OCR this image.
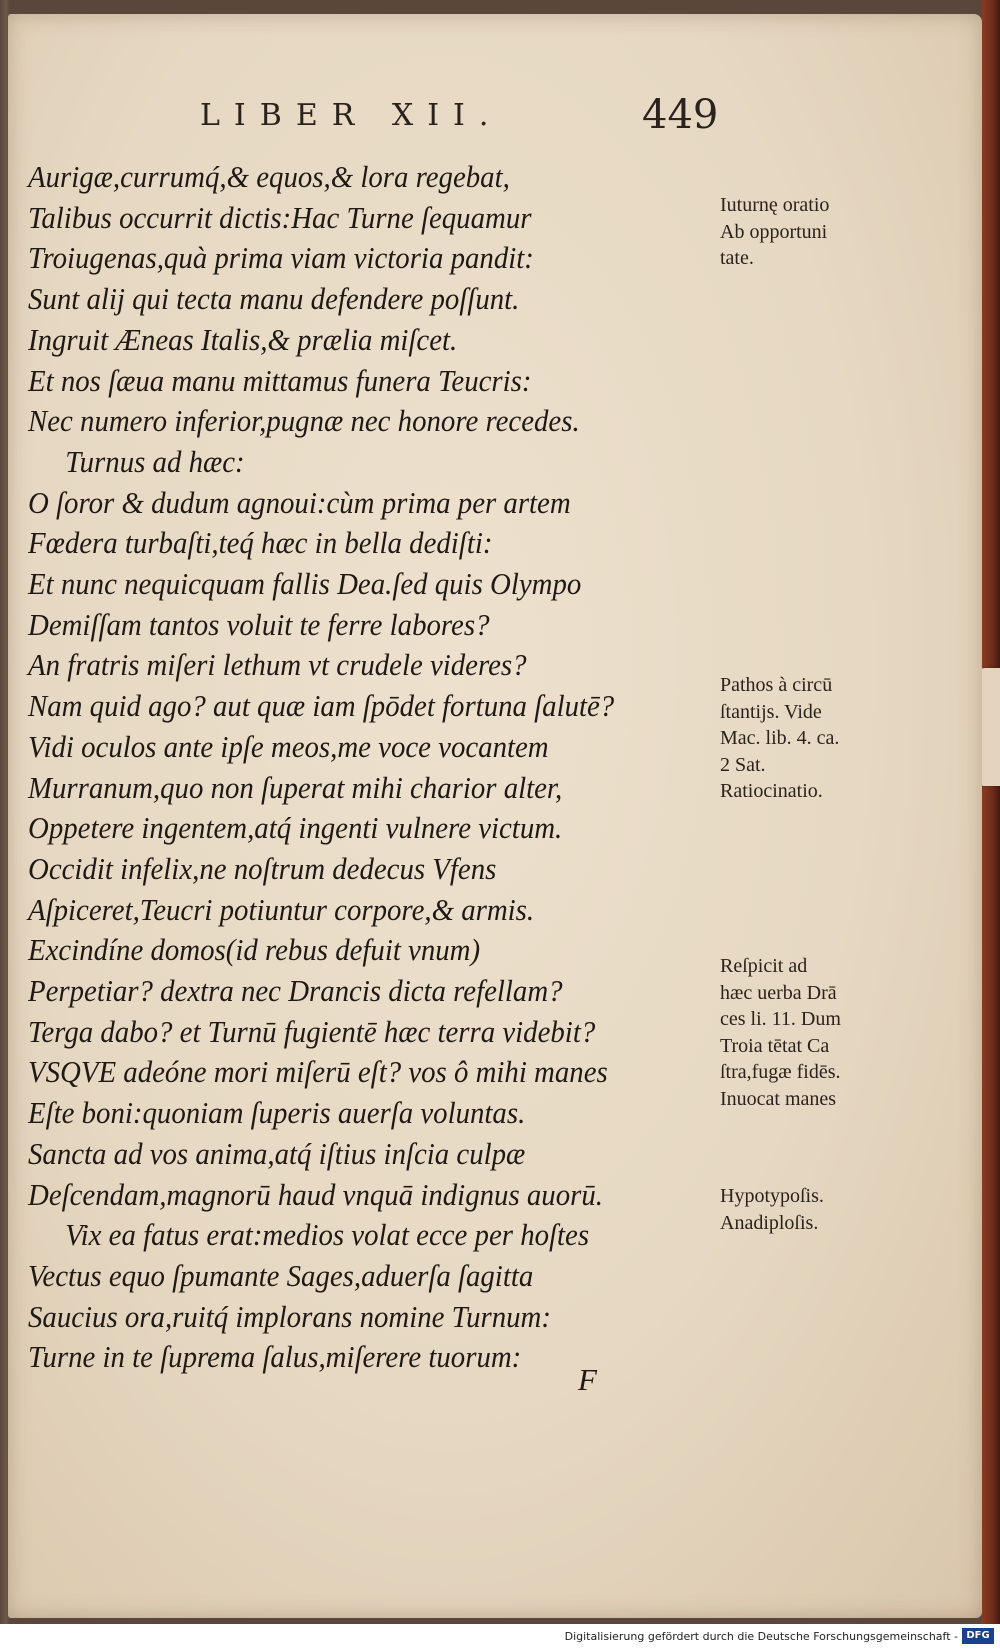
LIBER XII.	449
Aurigæ,currumq́,& equos,& lora regebat,
Talibus occurrit dictis:Hac Turne ſequamur
Troiugenas,quà prima viam victoria pandit:
Sunt alij qui tecta manu defendere poſſunt.
Ingruit Æneas Italis,& prælia miſcet.
Et nos ſæua manu mittamus funera Teucris:
Nec numero inferior,pugnæ nec honore recedes.
Turnus ad hæc:
O ſoror & dudum agnoui:cùm prima per artem
Fœdera turbaſti,teq́ hæc in bella dediſti:
Et nunc nequicquam fallis Dea.ſed quis Olympo
Demiſſam tantos voluit te ferre labores?
An fratris miſeri lethum vt crudele videres?
Nam quid ago? aut quæ iam ſpōdet fortuna ſalutē?
Vidi oculos ante ipſe meos,me voce vocantem
Murranum,quo non ſuperat mihi charior alter,
Oppetere ingentem,atq́ ingenti vulnere victum.
Occidit infelix,ne noſtrum dedecus Vfens
Aſpiceret,Teucri potiuntur corpore,& armis.
Excindíne domos(id rebus defuit vnum)
Perpetiar? dextra nec Drancis dicta refellam?
Terga dabo? et Turnū fugientē hæc terra videbit?
VSQVE adeóne mori miſerū eſt? vos ô mihi manes
Eſte boni:quoniam ſuperis auerſa voluntas.
Sancta ad vos anima,atq́ iſtius inſcia culpæ
Deſcendam,magnorū haud vnquā indignus auorū.
Vix ea fatus erat:medios volat ecce per hoſtes
Vectus equo ſpumante Sages,aduerſa ſagitta
Saucius ora,ruitq́ implorans nomine Turnum:
Turne in te ſuprema ſalus,miſerere tuorum:
Iuturnę oratio
Ab opportuni
tate.
Pathos à circū
ſtantijs. Vide
Mac. lib. 4. ca.
2 Sat.
Ratiocinatio.
Reſpicit ad
hæc uerba Drā
ces li. 11. Dum
Troia tētat Ca
ſtra,fugæ fidēs.
Inuocat manes
Hypotypoſis.
Anadiploſis.
F
Digitalisierung gefördert durch die Deutsche Forschungsgemeinschaft - DFG
